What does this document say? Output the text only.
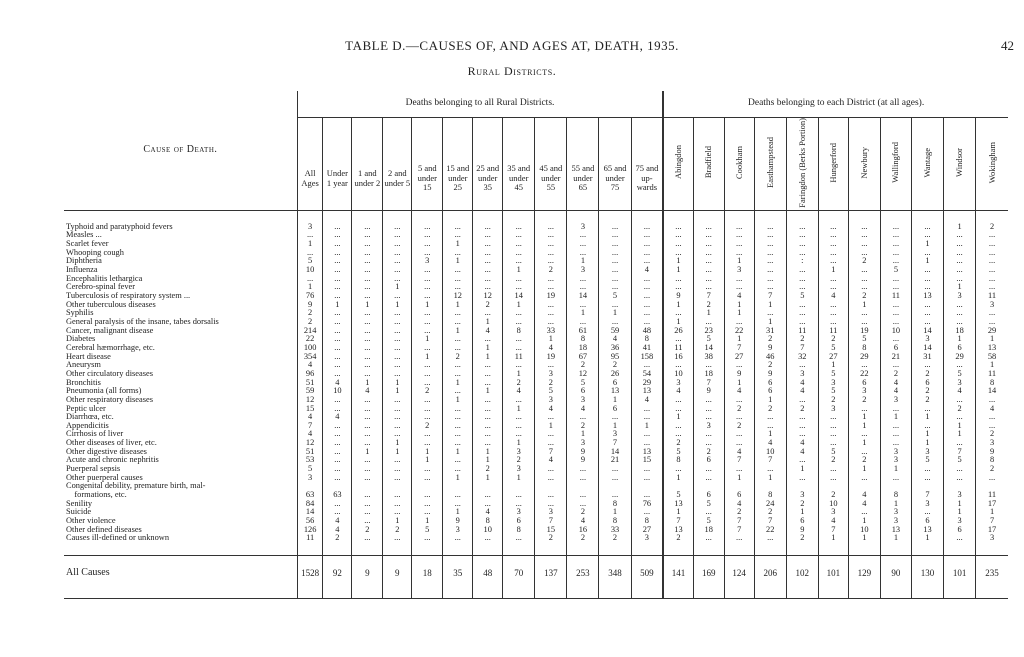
TABLE D.—CAUSES OF, AND AGES AT, DEATH, 1935.	42
Rural Districts.
Cause of Death.	Deaths belonging to all Rural Districts.												Deaths belonging to each District (at all ages).										
	All Ages	Under 1 year	1 and under 2	2 and under 5	5 and under 15	15 and under 25	25 and under 35	35 and under 45	45 and under 55	55 and under 65	65 and under 75	75 and up-wards	Abingdon	Bradfield	Cookham	Easthampstead	Faringdon (Berks Portion)	Hungerford	Newbury	Wallingford	Wantage	Windsor	Wokingham

Typhoid and paratyphoid fevers	3	...	...	...	...	...	...	...	...	3	...	...	...	...	...	...	...	...	...	...	...	1	2
Measles ...	...	...	...	...	...	...	...	...	...	...	...	...	...	...	...	...	...	...	...	...	...	...	...
Scarlet fever	1	...	...	...	...	1	...	...	...	...	...	...	...	...	...	...	...	...	...	...	1	...	...
Whooping cough	...	...	...	...	...	...	...	...	...	...	...	...	...	...	...	...	...	...	...	...	...	...	...
Diphtheria	5	...	...	...	3	1	...	...	...	1	...	...	1	...	1	...	:	...	2	...	1	...	...
Influenza	10	...	...	...	...	...	...	1	2	3	...	4	1	...	3	...	...	1	...	5	...	...	...
Encephalitis lethargica	...	...	...	...	...	...	...	...	...	...	...	...	...	...	...	...	...	...	...	...	...	...	...
Cerebro-spinal fever	1	...	...	1	...	...	...	...	...	...	...	...	...	...	...	...	...	...	...	...	...	1	...
Tuberculosis of respiratory system ...	76	...	...	...	...	12	12	14	19	14	5	...	9	7	4	7	5	4	2	11	13	3	11
Other tuberculous diseases	9	1	1	1	1	1	2	1	...	...	...	...	1	2	1	1	...	...	1	...	...	...	3
Syphilis	2	...	...	...	...	...	...	...	...	1	1	...	...	1	1	...	...	...	...	...	...	...	...
General paralysis of the insane, tabes dorsalis	2	...	...	...	...	...	1	...	...	...	...	...	1	...	...	1	...	...	...	...	...	...	...
Cancer, malignant disease	214	...	...	...	...	1	4	8	33	61	59	48	26	23	22	31	11	11	19	10	14	18	29
Diabetes	22	...	...	...	1	...	...	...	1	8	4	8	...	5	1	2	2	2	5	...	3	1	1
Cerebral hæmorrhage, etc.	100	...	...	...	...	...	1	...	4	18	36	41	11	14	7	9	7	5	8	6	14	6	13
Heart disease	354	...	...	...	1	2	1	11	19	67	95	158	16	38	27	46	32	27	29	21	31	29	58
Aneurysm	4	...	...	...	...	...	...	...	...	2	2	...	...	...	...	2	...	1	...	...	...	...	1
Other circulatory diseases	96	...	...	...	...	...	...	1	3	12	26	54	10	18	9	9	3	5	22	2	2	5	11
Bronchitis	51	4	1	1	...	1	...	2	2	5	6	29	3	7	1	6	4	3	6	4	6	3	8
Pneumonia (all forms)	59	10	4	1	2	...	1	4	5	6	13	13	4	9	4	6	4	5	3	4	2	4	14
Other respiratory diseases	12	...	...	...	...	1	...	...	3	3	1	4	...	...	...	1	...	2	2	3	2	...	...
Peptic ulcer	15	...	...	...	...	...	...	1	4	4	6	...	...	...	2	2	2	3	...	...	...	2	4
Diarrhœa, etc.	4	4	...	...	...	...	...	...	...	...	...	...	1	...	...	...	...	...	1	1	1	...	...
Appendicitis	7	...	...	...	2	...	...	...	1	2	1	1	...	3	2	...	...	...	1	...	...	1	...
Cirrhosis of liver	4	...	...	...	...	...	...	...	...	1	3	...	...	...	...	1	...	...	...	...	1	1	2
Other diseases of liver, etc.	12	...	...	1	...	...	...	1	...	3	7	...	2	...	...	4	4	...	1	...	1	...	3
Other digestive diseases	51	...	1	1	1	1	1	3	7	9	14	13	5	2	4	10	4	5	...	3	3	7	9
Acute and chronic nephritis	53	...	...	...	1	...	1	2	4	9	21	15	8	6	7	7	...	2	2	3	5	5	8
Puerperal sepsis	5	...	...	...	...	...	2	3	...	...	...	...	...	...	...	...	1	...	1	1	...	...	2
Other puerperal causes	3	...	...	...	...	1	1	1	...	...	...	...	1	...	1	1	...	...	...	...	...	...	...
Congenital debility, premature birth, mal-																							
formations, etc.	63	63	...	...	...	...	...	...	...	...	...	...	5	6	6	8	3	2	4	8	7	3	11
Senility	84	...	...	...	...	...	...	...	...	...	8	76	13	5	4	24	2	10	4	1	3	1	17
Suicide	14	...	...	...	...	1	4	3	3	2	1	...	1	...	2	2	1	3	...	3	...	1	1
Other violence	56	4	...	1	1	9	8	6	7	4	8	8	7	5	7	7	6	4	1	3	6	3	7
Other defined diseases	126	4	2	2	5	3	10	8	15	16	33	27	13	18	7	22	9	7	10	13	13	6	17
Causes ill-defined or unknown	11	2	...	...	...	...	...	...	2	2	2	3	2	...	...	...	2	1	1	1	1	...	3

All Causes	1528	92	9	9	18	35	48	70	137	253	348	509	141	169	124	206	102	101	129	90	130	101	235
